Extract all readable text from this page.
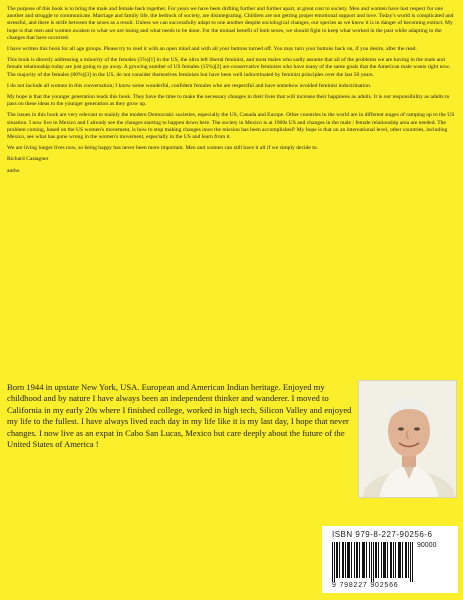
The purpose of this book is to bring the male and female back together. For years we have been drifting further and further apart, at great cost to society. Men and women have lost respect for one another and struggle to communicate. Marriage and family life, the bedrock of society, are disintegrating. Children are not getting proper emotional support and love. Today's world is complicated and stressful, and there is strife between the sexes as a result. Unless we can successfully adapt to one another despite sociological changes, our species as we know it is in danger of becoming extinct. My hope is that men and women awaken to what we are losing and what needs to be done. For the mutual benefit of both sexes, we should fight to keep what worked in the past while adapting to the changes that have occurred.

I have written this book for all age groups. Please try to read it with an open mind and with all your buttons turned off. You may turn your buttons back on, if you desire, after the read.

This book is directly addressing a minority of the females (5%)[1] in the US, the ultra left liberal feminist, and most males who sadly assume that all of the problems we are having in the male and female relationship today are just going to go away. A growing number of US females (15%)[2] are conservative feminists who have many of the same goals that the American male wants right now. The majority of the females (80%)[3] in the US, do not consider themselves feminists but have been well indoctrinated by feminist principles over the last 50 years.

I do not include all women in this conversation; I know some wonderful, confident females who are respectful and have somehow avoided feminist indoctrination.

My hope is that the younger generation reads this book. They have the time to make the necessary changes in their lives that will increase their happiness as adults. It is our responsibility as adults to pass on these ideas to the younger generation as they grow up.

The issues in this book are very relevant to mainly the modern Democratic societies, especially the US, Canada and Europe. Other countries in the world are in different stages of ramping up to the US situation. I now live in Mexico and I already see the changes starting to happen down here. The society in Mexico is at 1960s US and changes in the male / female relationship area are needed. The problem coming, based on the US women's movement, is how to stop making changes once the mission has been accomplished? My hope is that on an international level, other countries, including Mexico, see what has gone wrong in the women's movement, especially in the US and learn from it.

We are living longer lives now, so being happy has never been more important. Men and women can still have it all if we simply decide to.

Richard Castagner

autho

Born 1944 in upstate New York, USA. European and American Indian heritage. Enjoyed my childhood and by nature I have always been an independent thinker and wanderer. I moved to California in my early 20s where I finished college, worked in high tech, Silicon Valley and enjoyed my life to the fullest. I have always lived each day in my life like it is my last day, I hope that never changes. I now live as an expat in Cabo San Lucas, Mexico but care deeply about the future of the United States of America !
ISBN 979-8-227-90256-6
90000
9 798227 902566
